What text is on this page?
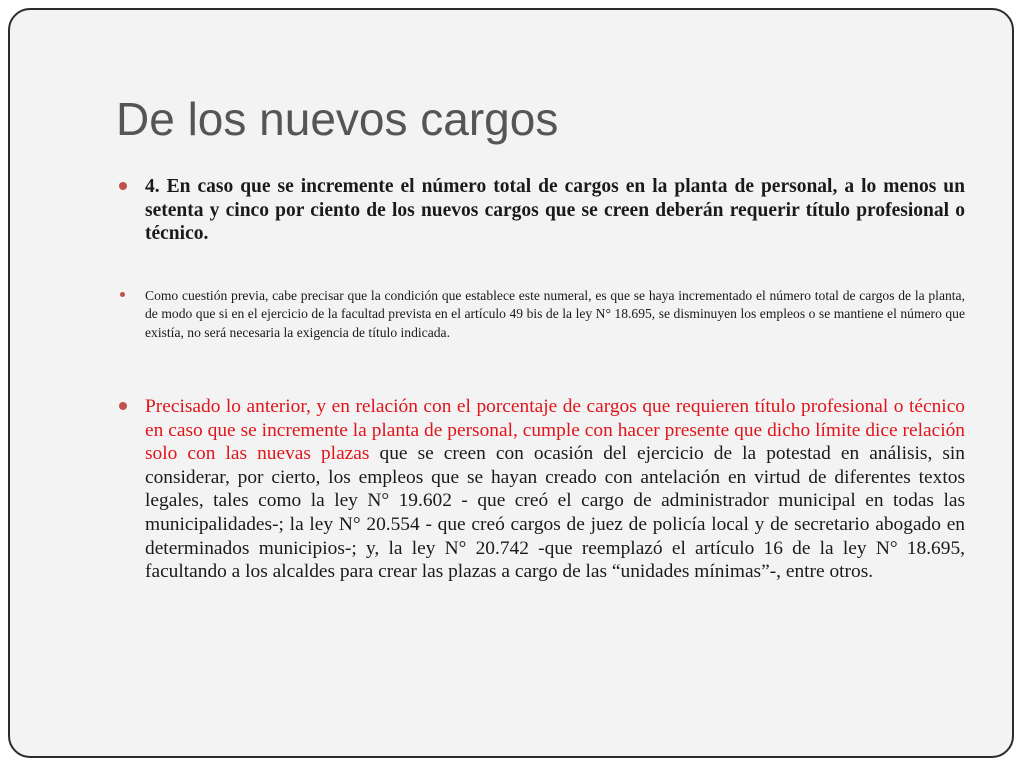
De los nuevos cargos
4. En caso que se incremente el número total de cargos en la planta de personal, a lo menos un setenta y cinco por ciento de los nuevos cargos que se creen deberán requerir título profesional o técnico.
Como cuestión previa, cabe precisar que la condición que establece este numeral, es que se haya incrementado el número total de cargos de la planta, de modo que si en el ejercicio de la facultad prevista en el artículo 49 bis de la ley N° 18.695, se disminuyen los empleos o se mantiene el número que existía, no será necesaria la exigencia de título indicada.
Precisado lo anterior, y en relación con el porcentaje de cargos que requieren título profesional o técnico en caso que se incremente la planta de personal, cumple con hacer presente que dicho límite dice relación solo con las nuevas plazas que se creen con ocasión del ejercicio de la potestad en análisis, sin considerar, por cierto, los empleos que se hayan creado con antelación en virtud de diferentes textos legales, tales como la ley N° 19.602 - que creó el cargo de administrador municipal en todas las municipalidades-; la ley N° 20.554 - que creó cargos de juez de policía local y de secretario abogado en determinados municipios-; y, la ley N° 20.742 -que reemplazó el artículo 16 de la ley N° 18.695, facultando a los alcaldes para crear las plazas a cargo de las “unidades mínimas”-, entre otros.
